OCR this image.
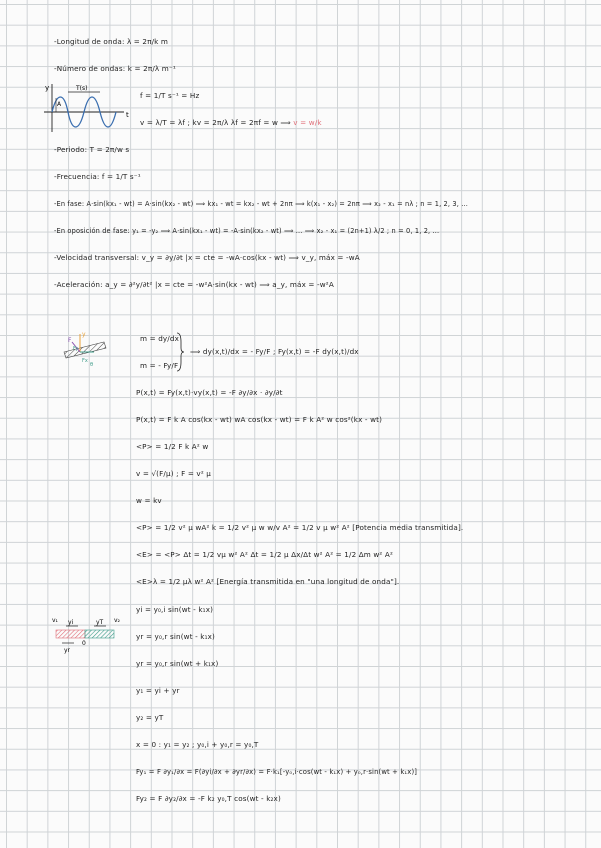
-Longitud de onda: λ = 2π/k m
-Número de ondas: k = 2π/λ m⁻¹
y
t
A
T(s)
f = 1/T s⁻¹ = Hz
v = λ/T = λf ; kv = 2π/λ λf = 2πf = w ⟹ v = w/k
-Periodo: T = 2π/w s
-Frecuencia: f = 1/T s⁻¹
-En fase: A·sin(kx₁ - wt) = A·sin(kx₂ - wt) ⟹ kx₁ - wt = kx₂ - wt + 2nπ ⟹ k(x₁ - x₂) = 2nπ ⟹ x₂ - x₁ = nλ ; n = 1, 2, 3, ...
-En oposición de fase: y₁ = -y₂ ⟹ A·sin(kx₁ - wt) = -A·sin(kx₂ - wt) ⟹ ... ⟹ x₂ - x₁ = (2n+1) λ/2 ; n = 0, 1, 2, ...
-Velocidad transversal: v_y = ∂y/∂t |x = cte = -wA·cos(kx - wt) ⟹ v_y, máx = -wA
-Aceleración: a_y = ∂²y/∂t² |x = cte = -w²A·sin(kx - wt) ⟹ a_y, máx = -w²A
y
F
Fy
Fx
θ
m = dy/dx
m = - Fy/F
⟹ dy(x,t)/dx = - Fy/F ; Fy(x,t) = -F dy(x,t)/dx
P(x,t) = Fy(x,t)·vy(x,t) = -F ∂y/∂x · ∂y/∂t
P(x,t) = F k A cos(kx - wt) wA cos(kx - wt) = F k A² w cos²(kx - wt)
<P> = 1/2 F k A² w
v = √(F/μ) ; F = v² μ
w = kv
<P> = 1/2 v² μ wA² k = 1/2 v² μ w w/v A² = 1/2 v μ w² A² [Potencia media transmitida].
<E> = <P> Δt = 1/2 vμ w² A² Δt = 1/2 μ Δx/Δt w² A² = 1/2 Δm w² A²
<E>λ = 1/2 μλ w² A² [Energía transmitida en "una longitud de onda"].
v₁	v₂
yi	yT
yr
0
yi = y₀,i sin(wt - k₁x)
yr = y₀,r sin(wt - k₁x)
yr = y₀,r sin(wt + k₁x)
y₁ = yi + yr
y₂ = yT
x = 0 : y₁ = y₂ ; y₀,i + y₀,r = y₀,T
Fy₁ = F ∂y₁/∂x = F(∂yi/∂x + ∂yr/∂x) = F·k₁[-y₀,i·cos(wt - k₁x) + y₀,r·sin(wt + k₁x)]
Fy₂ = F ∂y₂/∂x = -F k₂ y₀,T cos(wt - k₂x)
